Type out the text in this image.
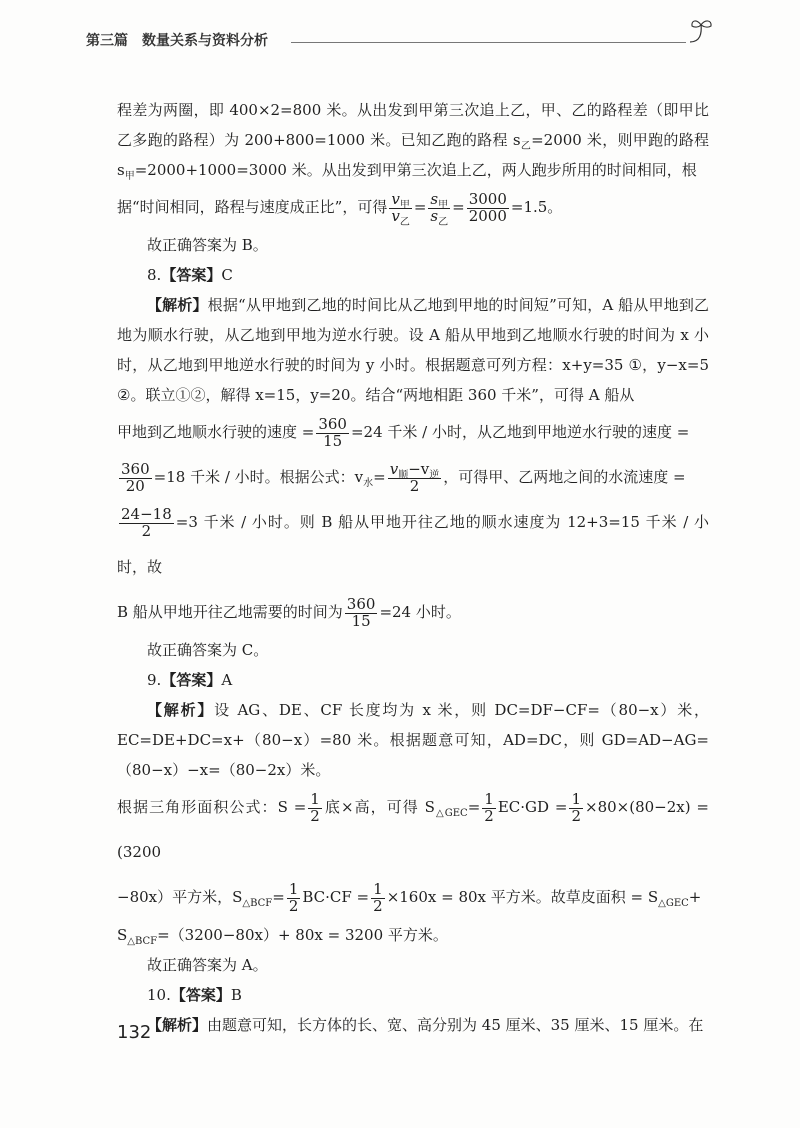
第三篇　数量关系与资料分析

程差为两圈，即 400×2=800 米。从出发到甲第三次追上乙，甲、乙的路程差（即甲比乙多跑的路程）为 200+800=1000 米。已知乙跑的路程 $s_乙=2000$ 米，则甲跑的路程 $s_甲=2000+1000=3000$ 米。从出发到甲第三次追上乙，两人跑步所用的时间相同，根

据“时间相同，路程与速度成正比”，可得 $\frac{v_甲}{v_乙} = \frac{s_甲}{s_乙} = \frac{3000}{2000} =1.5$。

故正确答案为 B。

8.【答案】C

【解析】根据“从甲地到乙地的时间比从乙地到甲地的时间短”可知，A 船从甲地到乙地为顺水行驶，从乙地到甲地为逆水行驶。设 A 船从甲地到乙地顺水行驶的时间为 x 小时，从乙地到甲地逆水行驶的时间为 y 小时。根据题意可列方程：x+y=35 ①，y−x=5 ②。联立①②，解得 x=15，y=20。结合“两地相距 360 千米”，可得 A 船从

甲地到乙地顺水行驶的速度 = $\frac{360}{15} =24$ 千米 / 小时，从乙地到甲地逆水行驶的速度 =

$\frac{360}{20} =18$ 千米 / 小时。根据公式：$v_水= \frac{v_顺-v_逆}{2}$ ，可得甲、乙两地之间的水流速度 =

$\frac{24-18}{2} =3$ 千米 / 小时。则 B 船从甲地开往乙地的顺水速度为 12+3=15 千米 / 小时，故

B 船从甲地开往乙地需要的时间为 $\frac{360}{15} =24$ 小时。

故正确答案为 C。

9.【答案】A

【解析】设 AG、DE、CF 长度均为 x 米，则 DC=DF−CF=（80−x）米，EC=DE+DC=x+（80−x）=80 米。根据题意可知，AD=DC，则 GD=AD−AG=（80−x）−x=（80−2x）米。

根据三角形面积公式：$S = \frac{1}{2}$ 底×高，可得 $S_{\triangle GEC}= \frac{1}{2} EC\cdot GD = \frac{1}{2} \times 80\times(80-2x) = (3200$

−80x）平方米，$S_{\triangle BCF}= \frac{1}{2} BC\cdot CF = \frac{1}{2} \times 160x = 80x$ 平方米。故草皮面积 = $S_{\triangle GEC}+$

$S_{\triangle BCF}=(3200-80x)+ 80x = 3200$ 平方米。

故正确答案为 A。

10.【答案】B

【解析】由题意可知，长方体的长、宽、高分别为 45 厘米、35 厘米、15 厘米。在

132
